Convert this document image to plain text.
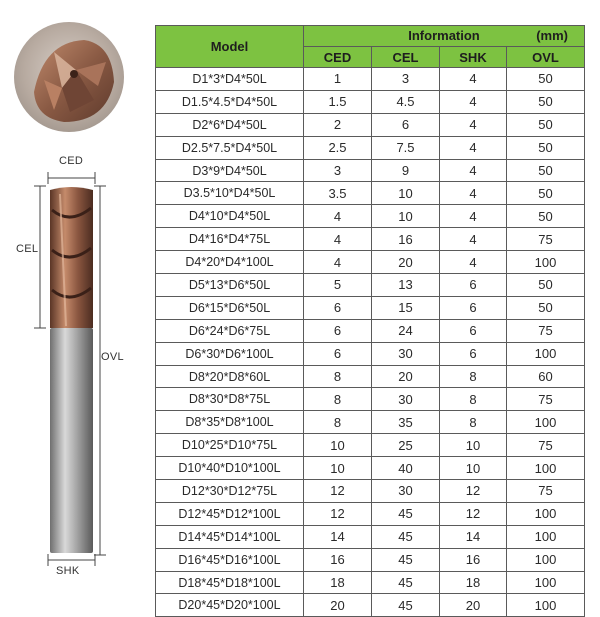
CED
CEL
OVL
SHK
Model	Information (mm)			

	CED	CEL	SHK	OVL
D1*3*D4*50L	1	3	4	50
D1.5*4.5*D4*50L	1.5	4.5	4	50
D2*6*D4*50L	2	6	4	50
D2.5*7.5*D4*50L	2.5	7.5	4	50
D3*9*D4*50L	3	9	4	50
D3.5*10*D4*50L	3.5	10	4	50
D4*10*D4*50L	4	10	4	50
D4*16*D4*75L	4	16	4	75
D4*20*D4*100L	4	20	4	100
D5*13*D6*50L	5	13	6	50
D6*15*D6*50L	6	15	6	50
D6*24*D6*75L	6	24	6	75
D6*30*D6*100L	6	30	6	100
D8*20*D8*60L	8	20	8	60
D8*30*D8*75L	8	30	8	75
D8*35*D8*100L	8	35	8	100
D10*25*D10*75L	10	25	10	75
D10*40*D10*100L	10	40	10	100
D12*30*D12*75L	12	30	12	75
D12*45*D12*100L	12	45	12	100
D14*45*D14*100L	14	45	14	100
D16*45*D16*100L	16	45	16	100
D18*45*D18*100L	18	45	18	100
D20*45*D20*100L	20	45	20	100
